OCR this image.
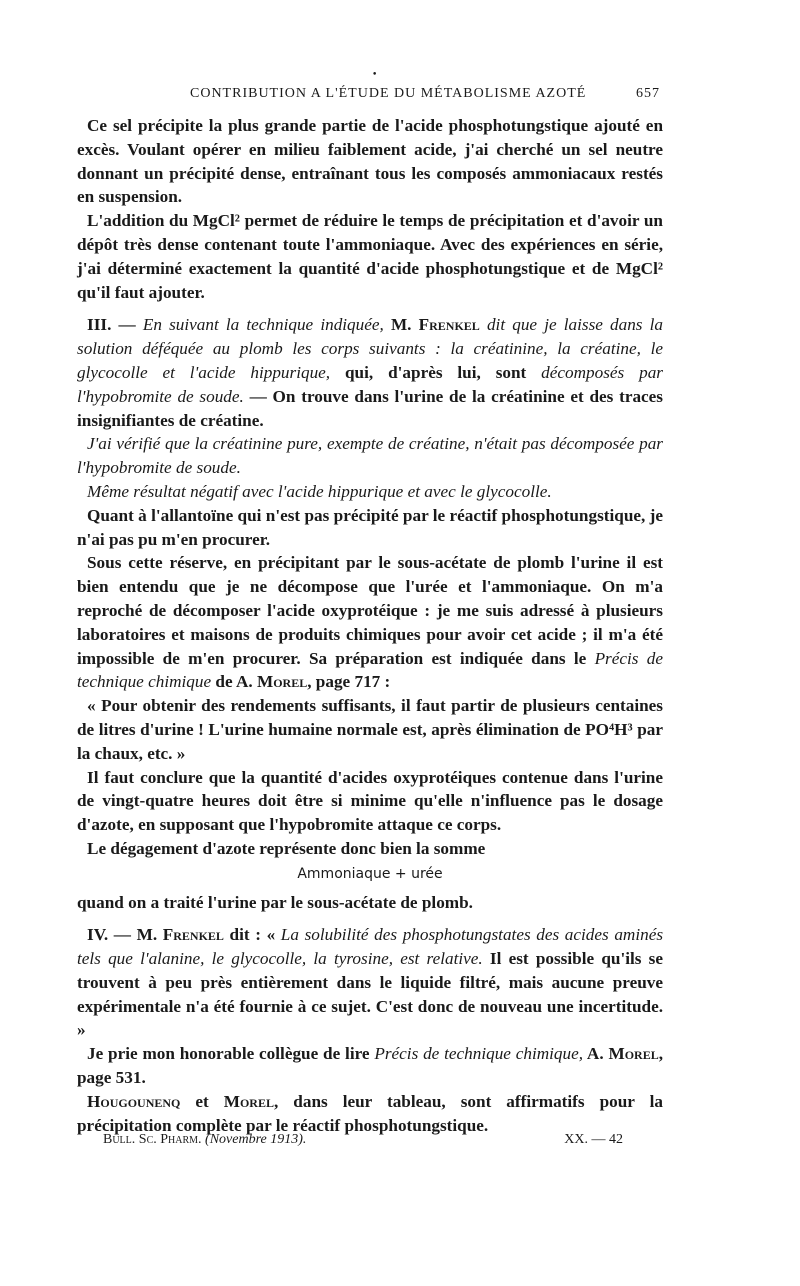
•
CONTRIBUTION A L'ÉTUDE DU MÉTABOLISME AZOTÉ	657

Ce sel précipite la plus grande partie de l'acide phosphotungstique ajouté en excès. Voulant opérer en milieu faiblement acide, j'ai cherché un sel neutre donnant un précipité dense, entraînant tous les composés ammoniacaux restés en suspension.

L'addition du MgCl² permet de réduire le temps de précipitation et d'avoir un dépôt très dense contenant toute l'ammoniaque. Avec des expériences en série, j'ai déterminé exactement la quantité d'acide phosphotungstique et de MgCl² qu'il faut ajouter.

III. — En suivant la technique indiquée, M. Frenkel dit que je laisse dans la solution déféquée au plomb les corps suivants : la créatinine, la créatine, le glycocolle et l'acide hippurique, qui, d'après lui, sont décomposés par l'hypobromite de soude. — On trouve dans l'urine de la créatinine et des traces insignifiantes de créatine.

J'ai vérifié que la créatinine pure, exempte de créatine, n'était pas décomposée par l'hypobromite de soude.

Même résultat négatif avec l'acide hippurique et avec le glycocolle.

Quant à l'allantoïne qui n'est pas précipité par le réactif phosphotungstique, je n'ai pas pu m'en procurer.

Sous cette réserve, en précipitant par le sous-acétate de plomb l'urine il est bien entendu que je ne décompose que l'urée et l'ammoniaque. On m'a reproché de décomposer l'acide oxyprotéique : je me suis adressé à plusieurs laboratoires et maisons de produits chimiques pour avoir cet acide ; il m'a été impossible de m'en procurer. Sa préparation est indiquée dans le Précis de technique chimique de A. Morel, page 717 :

« Pour obtenir des rendements suffisants, il faut partir de plusieurs centaines de litres d'urine ! L'urine humaine normale est, après élimination de PO⁴H³ par la chaux, etc. »

Il faut conclure que la quantité d'acides oxyprotéiques contenue dans l'urine de vingt-quatre heures doit être si minime qu'elle n'influence pas le dosage d'azote, en supposant que l'hypobromite attaque ce corps.

Le dégagement d'azote représente donc bien la somme

Ammoniaque + urée

quand on a traité l'urine par le sous-acétate de plomb.

IV. — M. Frenkel dit : « La solubilité des phosphotungstates des acides aminés tels que l'alanine, le glycocolle, la tyrosine, est relative. Il est possible qu'ils se trouvent à peu près entièrement dans le liquide filtré, mais aucune preuve expérimentale n'a été fournie à ce sujet. C'est donc de nouveau une incertitude. »

Je prie mon honorable collègue de lire Précis de technique chimique, A. Morel, page 531.

Hougounenq et Morel, dans leur tableau, sont affirmatifs pour la précipitation complète par le réactif phosphotungstique.

Bull. Sc. Pharm. (Novembre 1913).	XX. — 42
